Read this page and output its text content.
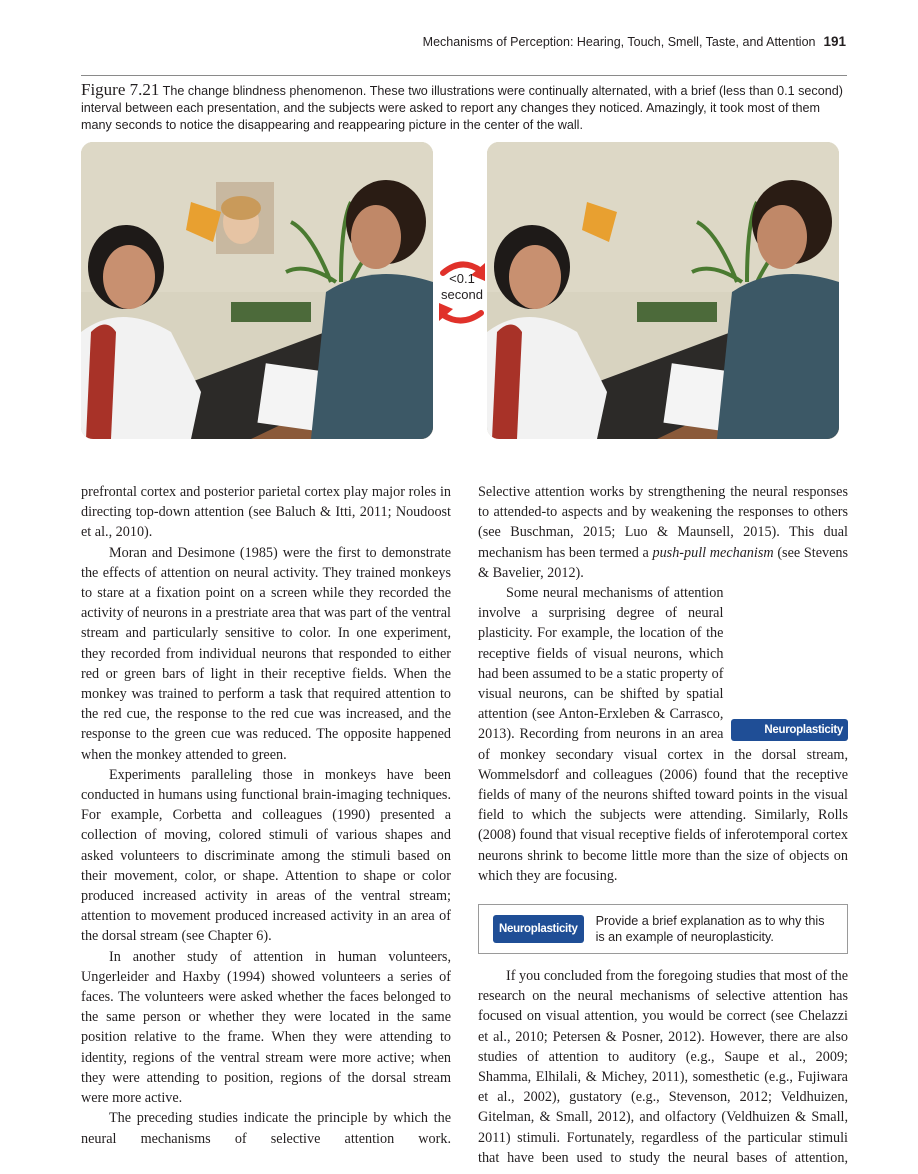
Mechanisms of Perception: Hearing, Touch, Smell, Taste, and Attention 191
Figure 7.21 The change blindness phenomenon. These two illustrations were continually alternated, with a brief (less than 0.1 second) interval between each presentation, and the subjects were asked to report any changes they noticed. Amazingly, it took most of them many seconds to notice the disappearing and reappearing picture in the center of the wall.
<0.1
second

prefrontal cortex and posterior parietal cortex play major roles in directing top-down attention (see Baluch & Itti, 2011; Noudoost et al., 2010).

Moran and Desimone (1985) were the first to demonstrate the effects of attention on neural activity. They trained monkeys to stare at a fixation point on a screen while they recorded the activity of neurons in a prestriate area that was part of the ventral stream and particularly sensitive to color. In one experiment, they recorded from individual neurons that responded to either red or green bars of light in their receptive fields. When the monkey was trained to perform a task that required attention to the red cue, the response to the red cue was increased, and the response to the green cue was reduced. The opposite happened when the monkey attended to green.

Experiments paralleling those in monkeys have been conducted in humans using functional brain-imaging techniques. For example, Corbetta and colleagues (1990) presented a collection of moving, colored stimuli of various shapes and asked volunteers to discriminate among the stimuli based on their movement, color, or shape. Attention to shape or color produced increased activity in areas of the ventral stream; attention to movement produced increased activity in an area of the dorsal stream (see Chapter 6).

In another study of attention in human volunteers, Ungerleider and Haxby (1994) showed volunteers a series of faces. The volunteers were asked whether the faces belonged to the same person or whether they were located in the same position relative to the frame. When they were attending to identity, regions of the ventral stream were more active; when they were attending to position, regions of the dorsal stream were more active.

The preceding studies indicate the principle by which the neural mechanisms of selective attention work.

Selective attention works by strengthening the neural responses to attended-to aspects and by weakening the responses to others (see Buschman, 2015; Luo & Maunsell, 2015). This dual mechanism has been termed a push-pull mechanism (see Stevens & Bavelier, 2012).

Neuroplasticity
Some neural mechanisms of attention involve a surprising degree of neural plasticity. For example, the location of the receptive fields of visual neurons, which had been assumed to be a static property of visual neurons, can be shifted by spatial attention (see Anton-Erxleben & Carrasco, 2013). Recording from neurons in an area of monkey secondary visual cortex in the dorsal stream, Wommelsdorf and colleagues (2006) found that the receptive fields of many of the neurons shifted toward points in the visual field to which the subjects were attending. Similarly, Rolls (2008) found that visual receptive fields of inferotemporal cortex neurons shrink to become little more than the size of objects on which they are focusing.

Neuroplasticity
Provide a brief explanation as to why this is an example of neuroplasticity.

If you concluded from the foregoing studies that most of the research on the neural mechanisms of selective attention has focused on visual attention, you would be correct (see Chelazzi et al., 2010; Petersen & Posner, 2012). However, there are also studies of attention to auditory (e.g., Saupe et al., 2009; Shamma, Elhilali, & Michey, 2011), somesthetic (e.g., Fujiwara et al., 2002), gustatory (e.g., Stevenson, 2012; Veldhuizen, Gitelman, & Small, 2012), and olfactory (Veldhuizen & Small, 2011) stimuli. Fortunately, regardless of the particular stimuli that have been used to study the neural bases of attention,
